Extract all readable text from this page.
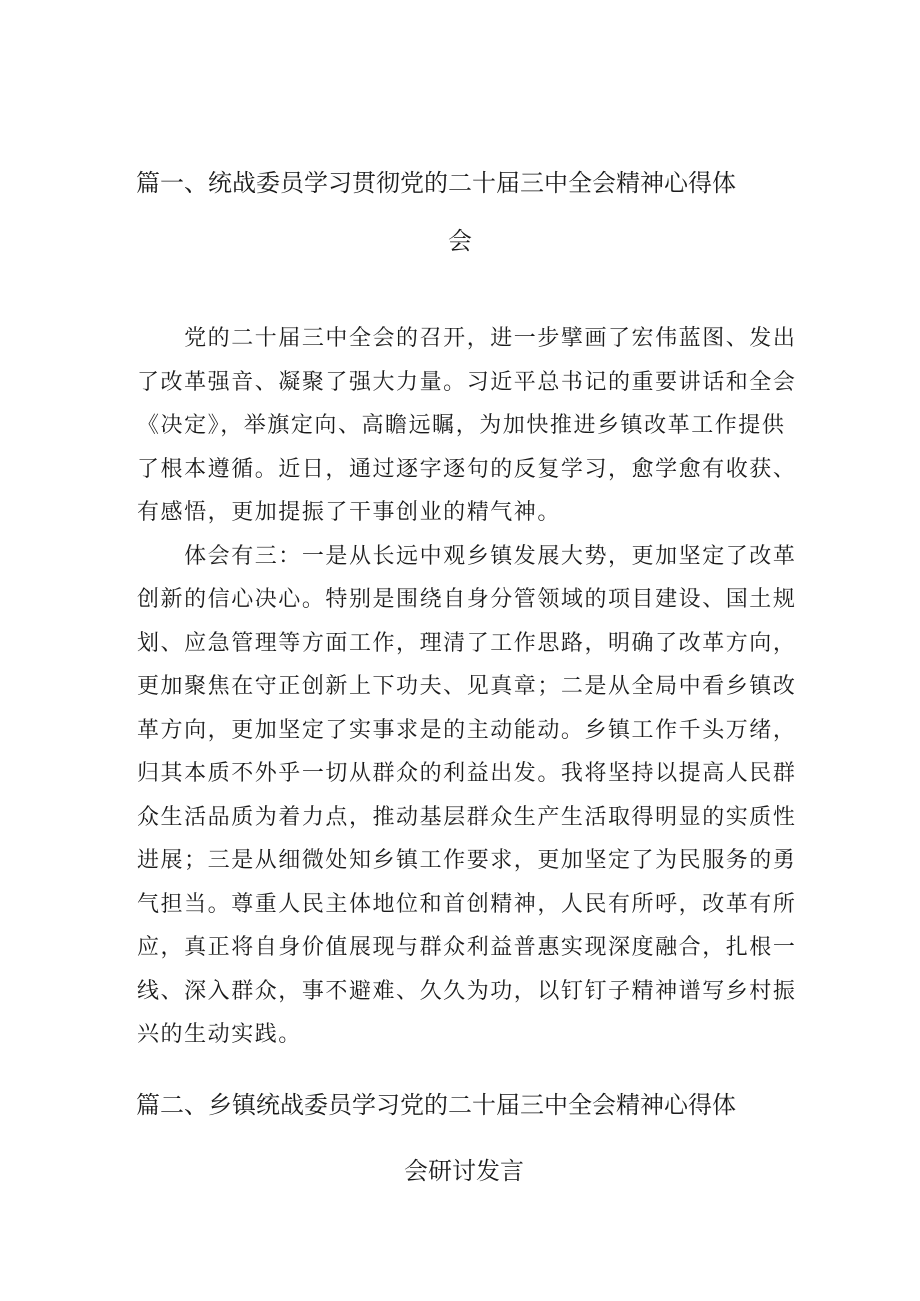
篇一、统战委员学习贯彻党的二十届三中全会精神心得体
会
　　党的二十届三中全会的召开，进一步擘画了宏伟蓝图、发出
了改革强音、凝聚了强大力量。习近平总书记的重要讲话和全会
《决定》，举旗定向、高瞻远瞩，为加快推进乡镇改革工作提供
了根本遵循。近日，通过逐字逐句的反复学习，愈学愈有收获、
有感悟，更加提振了干事创业的精气神。
　　体会有三：一是从长远中观乡镇发展大势，更加坚定了改革
创新的信心决心。特别是围绕自身分管领域的项目建设、国土规
划、应急管理等方面工作，理清了工作思路，明确了改革方向，
更加聚焦在守正创新上下功夫、见真章；二是从全局中看乡镇改
革方向，更加坚定了实事求是的主动能动。乡镇工作千头万绪，
归其本质不外乎一切从群众的利益出发。我将坚持以提高人民群
众生活品质为着力点，推动基层群众生产生活取得明显的实质性
进展；三是从细微处知乡镇工作要求，更加坚定了为民服务的勇
气担当。尊重人民主体地位和首创精神，人民有所呼，改革有所
应，真正将自身价值展现与群众利益普惠实现深度融合，扎根一
线、深入群众，事不避难、久久为功，以钉钉子精神谱写乡村振
兴的生动实践。
篇二、乡镇统战委员学习党的二十届三中全会精神心得体
会研讨发言
